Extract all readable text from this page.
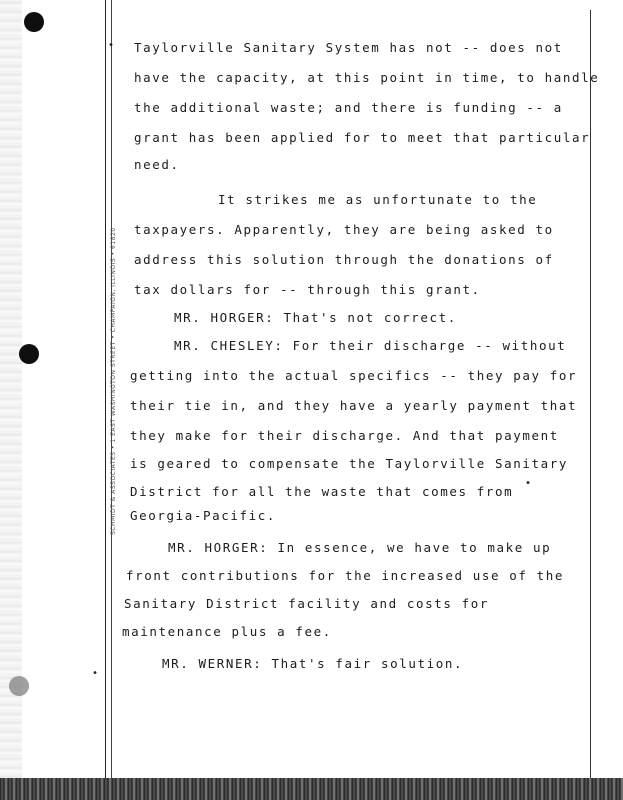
SCHMIDT & ASSOCIATES • 1 EAST WASHINGTON STREET • CHAMPAIGN, ILLINOIS • 61820
•
•
•
Taylorville Sanitary System has not -- does not
have the capacity, at this point in time, to handle
the additional waste; and there is funding -- a
grant has been applied for to meet that particular
need.
It strikes me as unfortunate to the
taxpayers. Apparently, they are being asked to
address this solution through the donations of
tax dollars for -- through this grant.
MR. HORGER: That's not correct.
MR. CHESLEY: For their discharge -- without
getting into the actual specifics -- they pay for
their tie in, and they have a yearly payment that
they make for their discharge. And that payment
is geared to compensate the Taylorville Sanitary
District for all the waste that comes from
Georgia-Pacific.
MR. HORGER: In essence, we have to make up
front contributions for the increased use of the
Sanitary District facility and costs for
maintenance plus a fee.
MR. WERNER: That's fair solution.
